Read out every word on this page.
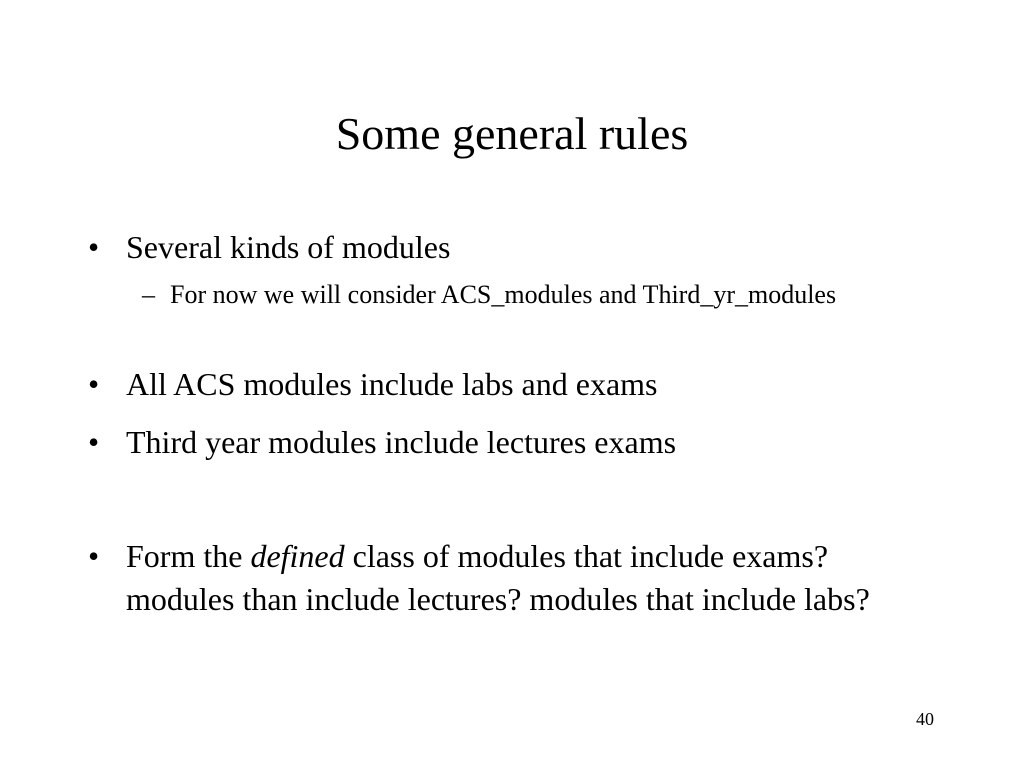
Some general rules
• Several kinds of modules
– For now we will consider ACS_modules and Third_yr_modules
• All ACS modules include labs and exams
• Third year modules include lectures exams
• Form the defined class of modules that include exams? modules than include lectures? modules that include labs?
40
